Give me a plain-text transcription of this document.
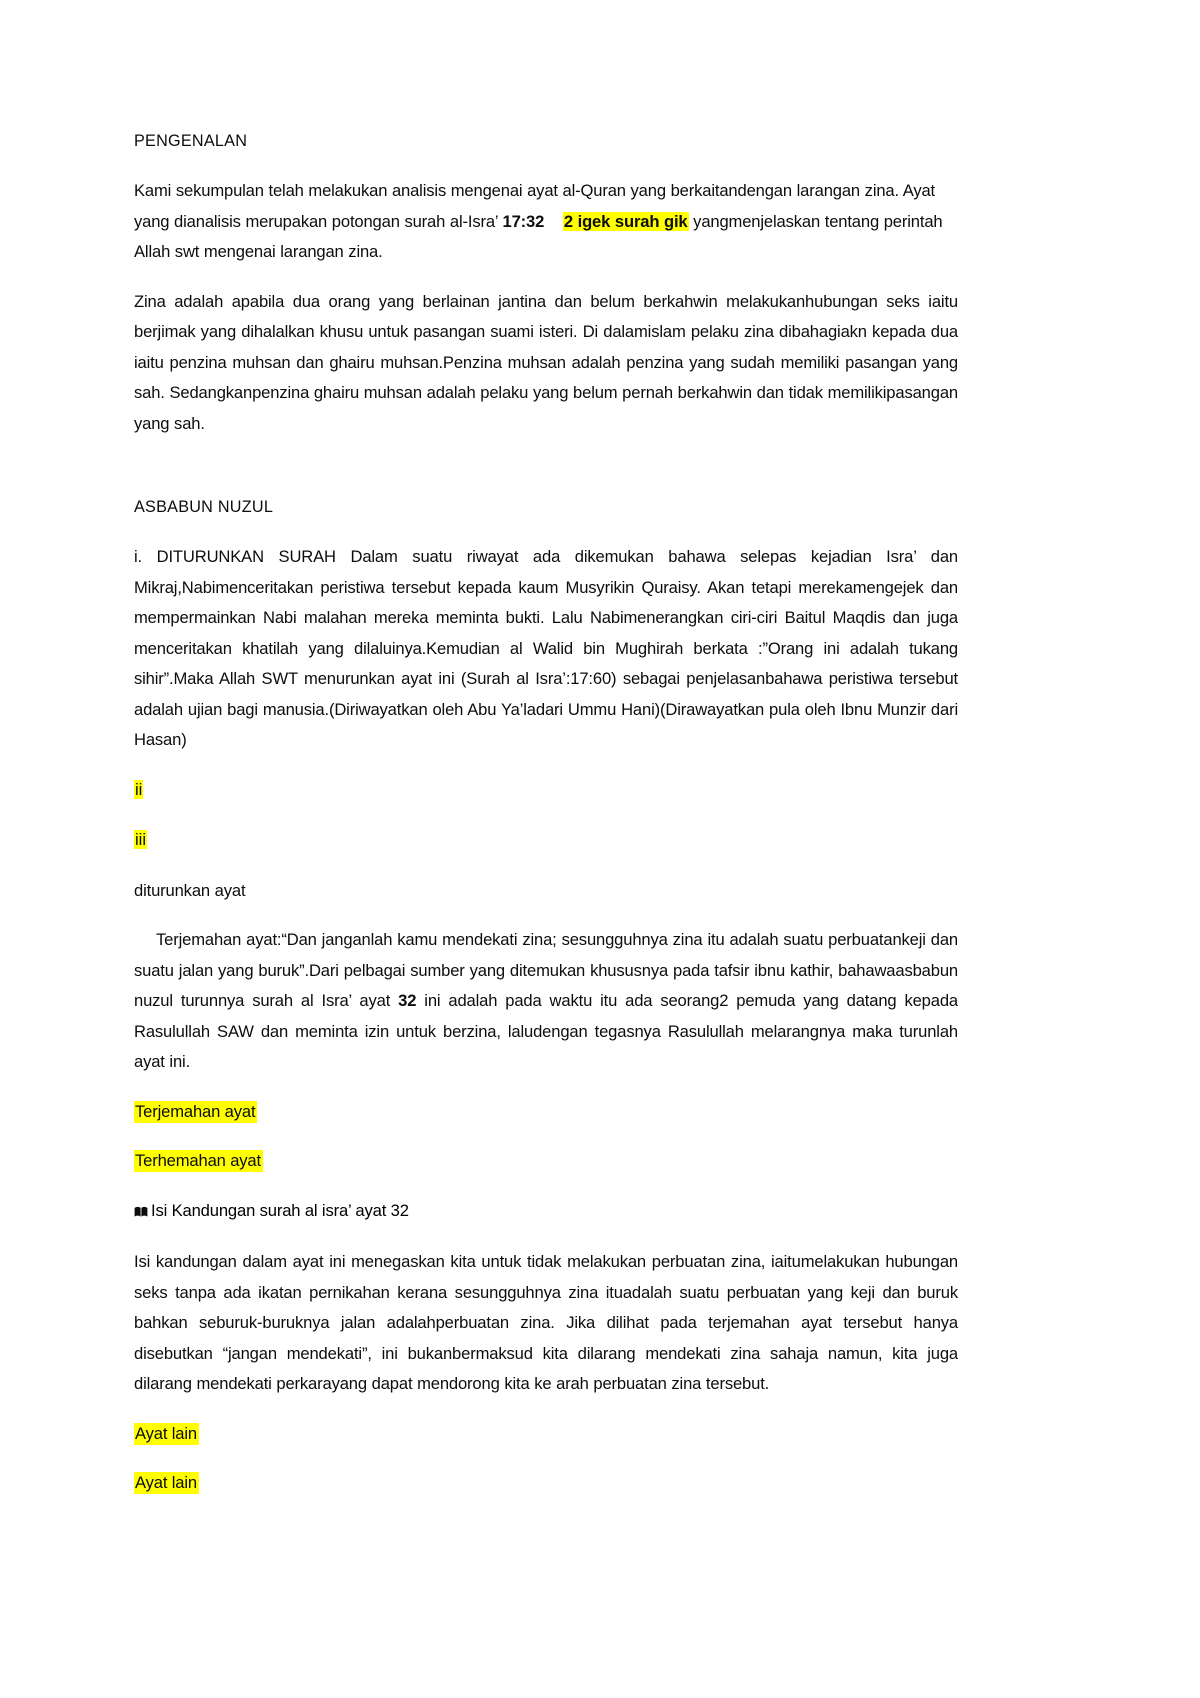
PENGENALAN

Kami sekumpulan telah melakukan analisis mengenai ayat al-Quran yang berkaitandengan larangan zina. Ayat yang dianalisis merupakan potongan surah al-Isra’ 17:32 2 igek surah gik yangmenjelaskan tentang perintah Allah swt mengenai larangan zina.

Zina adalah apabila dua orang yang berlainan jantina dan belum berkahwin melakukanhubungan seks iaitu berjimak yang dihalalkan khusu untuk pasangan suami isteri. Di dalamislam pelaku zina dibahagiakn kepada dua iaitu penzina muhsan dan ghairu muhsan.Penzina muhsan adalah penzina yang sudah memiliki pasangan yang sah. Sedangkanpenzina ghairu muhsan adalah pelaku yang belum pernah berkahwin dan tidak memilikipasangan yang sah.

ASBABUN NUZUL

i. DITURUNKAN SURAH Dalam suatu riwayat ada dikemukan bahawa selepas kejadian Isra’ dan Mikraj,Nabimenceritakan peristiwa tersebut kepada kaum Musyrikin Quraisy. Akan tetapi merekamengejek dan mempermainkan Nabi malahan mereka meminta bukti. Lalu Nabimenerangkan ciri-ciri Baitul Maqdis dan juga menceritakan khatilah yang dilaluinya.Kemudian al Walid bin Mughirah berkata :”Orang ini adalah tukang sihir”.Maka Allah SWT menurunkan ayat ini (Surah al Isra’:17:60) sebagai penjelasanbahawa peristiwa tersebut adalah ujian bagi manusia.(Diriwayatkan oleh Abu Ya’ladari Ummu Hani)(Dirawayatkan pula oleh Ibnu Munzir dari Hasan)

ii

iii

diturunkan ayat

Terjemahan ayat:“Dan janganlah kamu mendekati zina; sesungguhnya zina itu adalah suatu perbuatankeji dan suatu jalan yang buruk”.Dari pelbagai sumber yang ditemukan khususnya pada tafsir ibnu kathir, bahawaasbabun nuzul turunnya surah al Isra’ ayat 32 ini adalah pada waktu itu ada seorang2 pemuda yang datang kepada Rasulullah SAW dan meminta izin untuk berzina, laludengan tegasnya Rasulullah melarangnya maka turunlah ayat ini.

Terjemahan ayat

Terhemahan ayat

Isi Kandungan surah al isra’ ayat 32

Isi kandungan dalam ayat ini menegaskan kita untuk tidak melakukan perbuatan zina, iaitumelakukan hubungan seks tanpa ada ikatan pernikahan kerana sesungguhnya zina ituadalah suatu perbuatan yang keji dan buruk bahkan seburuk-buruknya jalan adalahperbuatan zina. Jika dilihat pada terjemahan ayat tersebut hanya disebutkan “jangan mendekati”, ini bukanbermaksud kita dilarang mendekati zina sahaja namun, kita juga dilarang mendekati perkarayang dapat mendorong kita ke arah perbuatan zina tersebut.

Ayat lain

Ayat lain
